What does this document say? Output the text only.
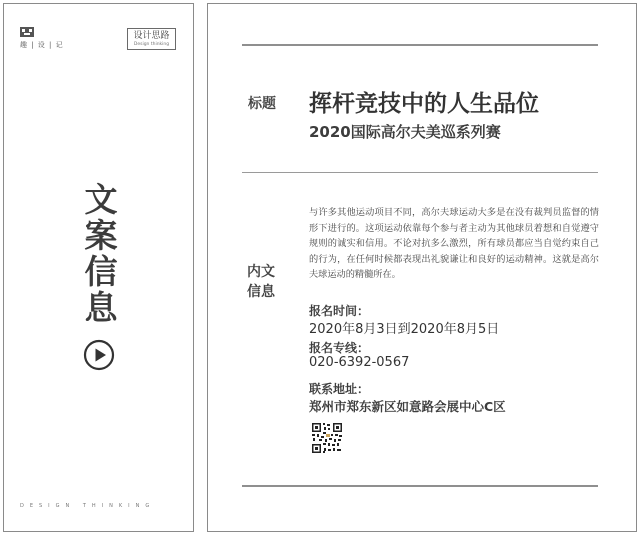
趣 | 设 | 记
设计思路
Design thinking
文
案
信
息
DESIGN THINKING
标题 挥杆竞技中的人生品位
2020国际高尔夫美巡系列赛
内文
信息
与许多其他运动项目不同，高尔夫球运动大多是在没有裁判员监督的情形下进行的。这项运动依靠每个参与者主动为其他球员着想和自觉遵守规则的诚实和信用。不论对抗多么激烈，所有球员都应当自觉约束自己的行为，在任何时候都表现出礼貌谦让和良好的运动精神。这就是高尔夫球运动的精髓所在。
报名时间：
2020年8月3日到2020年8月5日
报名专线：
020-6392-0567
联系地址：
郑州市郑东新区如意路会展中心C区
